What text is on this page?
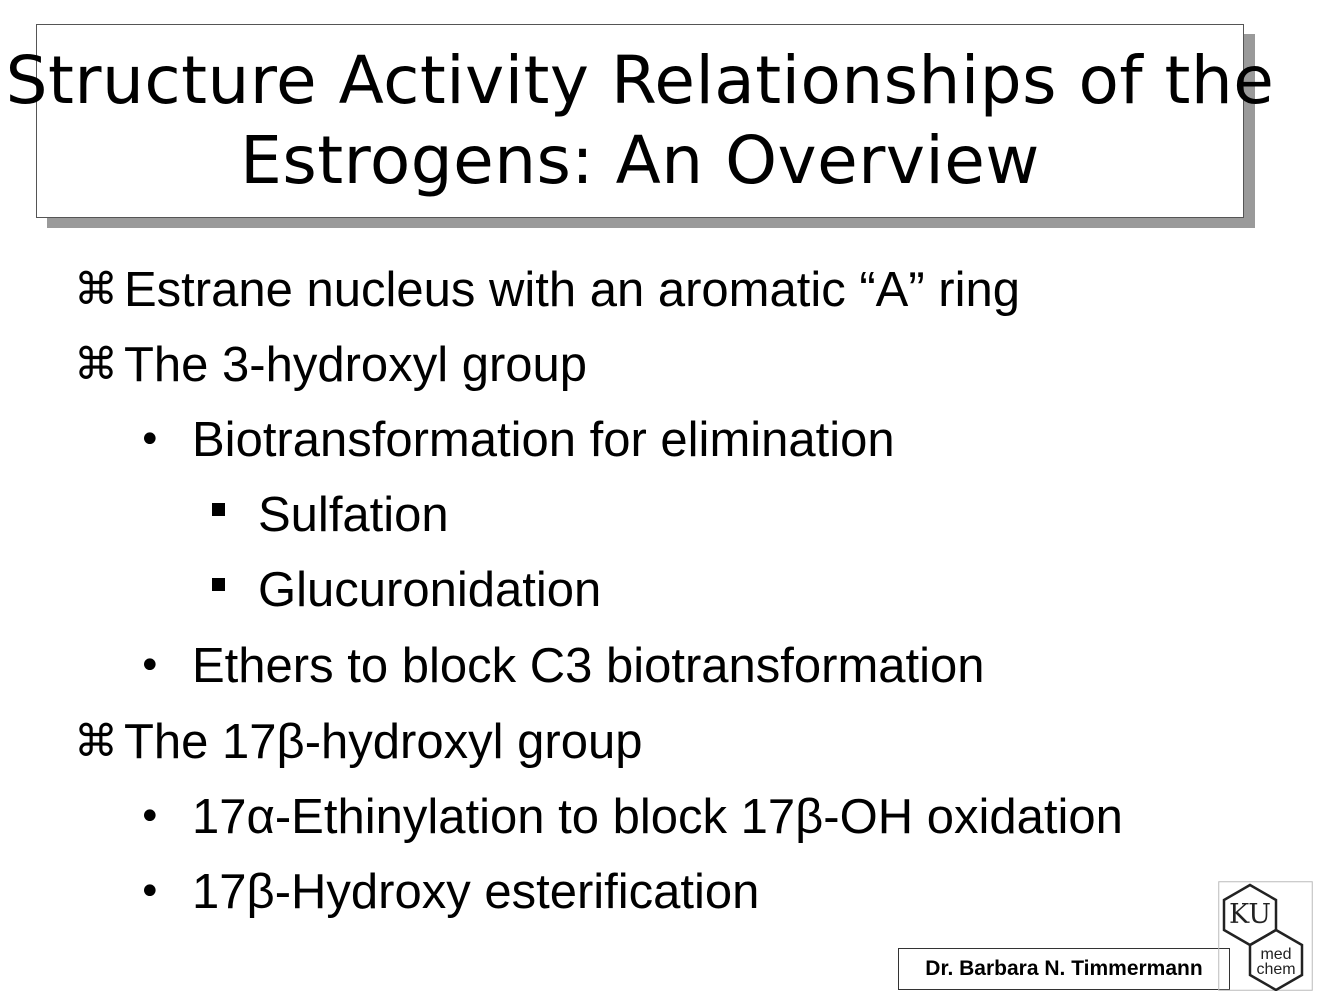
Structure Activity Relationships of the
Estrogens: An Overview
⌘ Estrane nucleus with an aromatic “A” ring
⌘ The 3-hydroxyl group
• Biotransformation for elimination
Sulfation
Glucuronidation
• Ethers to block C3 biotransformation
⌘ The 17β-hydroxyl group
• 17α-Ethinylation to block 17β-OH oxidation
• 17β-Hydroxy esterification
Dr. Barbara N. Timmermann
KU
med
chem
